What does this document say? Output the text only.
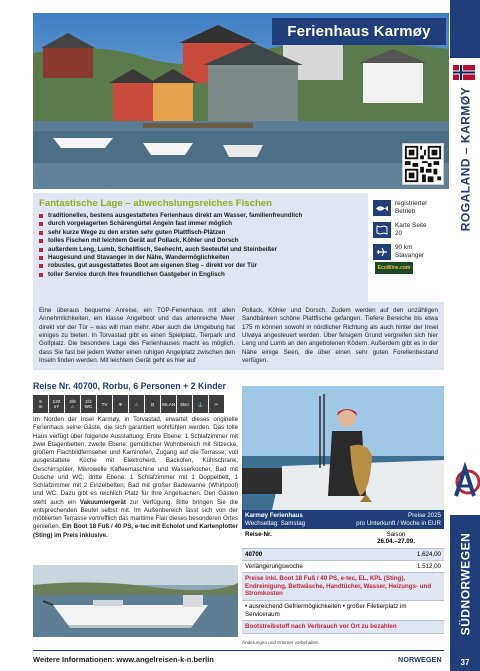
Ferienhaus Karmøy
ROGALAND – KARMØY
SÜDNORWEGEN
Fantastische Lage – abwechslungsreiches Fischen
traditionelles, bestens ausgestattetes Ferienhaus direkt am Wasser, familienfreundlich
durch vorgelagerten Schärengürtel Angeln fast immer möglich
sehr kurze Wege zu den ersten sehr guten Plattfisch-Plätzen
tolles Fischen mit leichtem Gerät auf Pollack, Köhler und Dorsch
außerdem Leng, Lumb, Schellfisch, Seehecht, auch Seeteufel und Steinbeißer
Haugesund und Stavanger in der Nähe, Wandermöglichkeiten
robustes, gut ausgestattetes Boot am eigenen Steg – direkt vor der Tür
toller Service durch Ihre freundlichen Gastgeber in Englisch
registrierter Betrieb
Karte Seite 20
90 km Stavanger
EcoWine.com

Eine überaus bequeme Anreise, ein TOP-Ferienhaus mit allen Annehmlichkeiten, ein klasse Angelboot und das artenreiche Meer direkt vor der Tür – was will man mehr. Aber auch die Umgebung hat einiges zu bieten. In Torvastad gibt es einen Spielplatz, Tierpark und Golfplatz. Die besondere Lage des Ferienhauses macht es möglich, dass Sie fast bei jedem Wetter einen ruhigen Angelplatz zwischen den Inseln finden werden. Mit leichtem Gerät geht es hier auf

Pollack, Köhler und Dorsch. Zudem werden auf den unzähligen Sandbänken schöne Plattfische gefangen. Tiefere Bereiche bis etwa 175 m können sowohl in nördlicher Richtung als auch hinter der Insel Ulvøya angesteuert werden. Über felsigem Grund vergreifen sich hier Leng und Lumb an den angebotenen Ködern. Außerdem gibt es in der Nähe einige Seen, die über einen sehr guten Forellenbestand verfügen.

Reise Nr. 40700, Rorbu, 6 Personen + 2 Kinder
5
m
120
m²
3/8
⌂
2/2
WC TV ❄	⌂	⊡ WLAN 3km ⚓ ✂

Im Norden der Insel Karmøy, in Torvastad, erwartet dieses originelle Ferienhaus seine Gäste, die sich garantiert wohlfühlen werden. Das tolle Haus verfügt über folgende Ausstattung: Erste Ebene: 1 Schlafzimmer mit zwei Etagenbetten; zweite Ebene: gemütlicher Wohnbereich mit Sitzecke, großem Flachbildfernseher und Kaminofen, Zugang auf die Terrasse; voll ausgestattete Küche mit Elektroherd, Backofen, Kühlschrank, Geschirrspüler, Mikrowelle Kaffeemaschine und Wasserkocher, Bad mit Dusche und WC; dritte Ebene: 1 Schlafzimmer mit 1 Doppelbett, 1 Schlafzimmer mit 2 Einzelbetten; Bad mit großer Badewanne (Whirlpool) und WC. Dazu gibt es reichlich Platz für Ihre Angelsachen. Den Gästen steht auch ein Vakuumiergerät zur Verfügung. Bitte bringen Sie die entsprechenden Beutel selbst mit. Im Außenbereich lässt sich von der möblierten Terrasse vortrefflich das maritime Flair dieses besonderen Ortes genießen. Ein Boot 18 Fuß / 40 PS, e-tec mit Echolot und Kartenplotter (Sting) im Preis inklusive.

Karmøy Ferienhaus
Wechseltag: Samstag
Preise 2025
pro Unterkunft / Woche in EUR
Reise-Nr.	Saison
26.04.–27.09.
40700	1.624,00
Verlängerungswoche	1.512,00
Preise inkl. Boot 18 Fuß / 40 PS, e-tec, EL, KPL (Sting), Endreinigung, Bettwäsche, Handtücher, Wasser, Heizungs- und Stromkosten
• ausreichend Gefriermöglichkeiten • großer Filetierplatz im Serviceraum
Bootstreibstoff nach Verbrauch vor Ort zu bezahlen
Änderungen und Irrtümer vorbehalten.
Weitere Informationen: www.angelreisen-k-n.berlin	NORWEGEN	37
